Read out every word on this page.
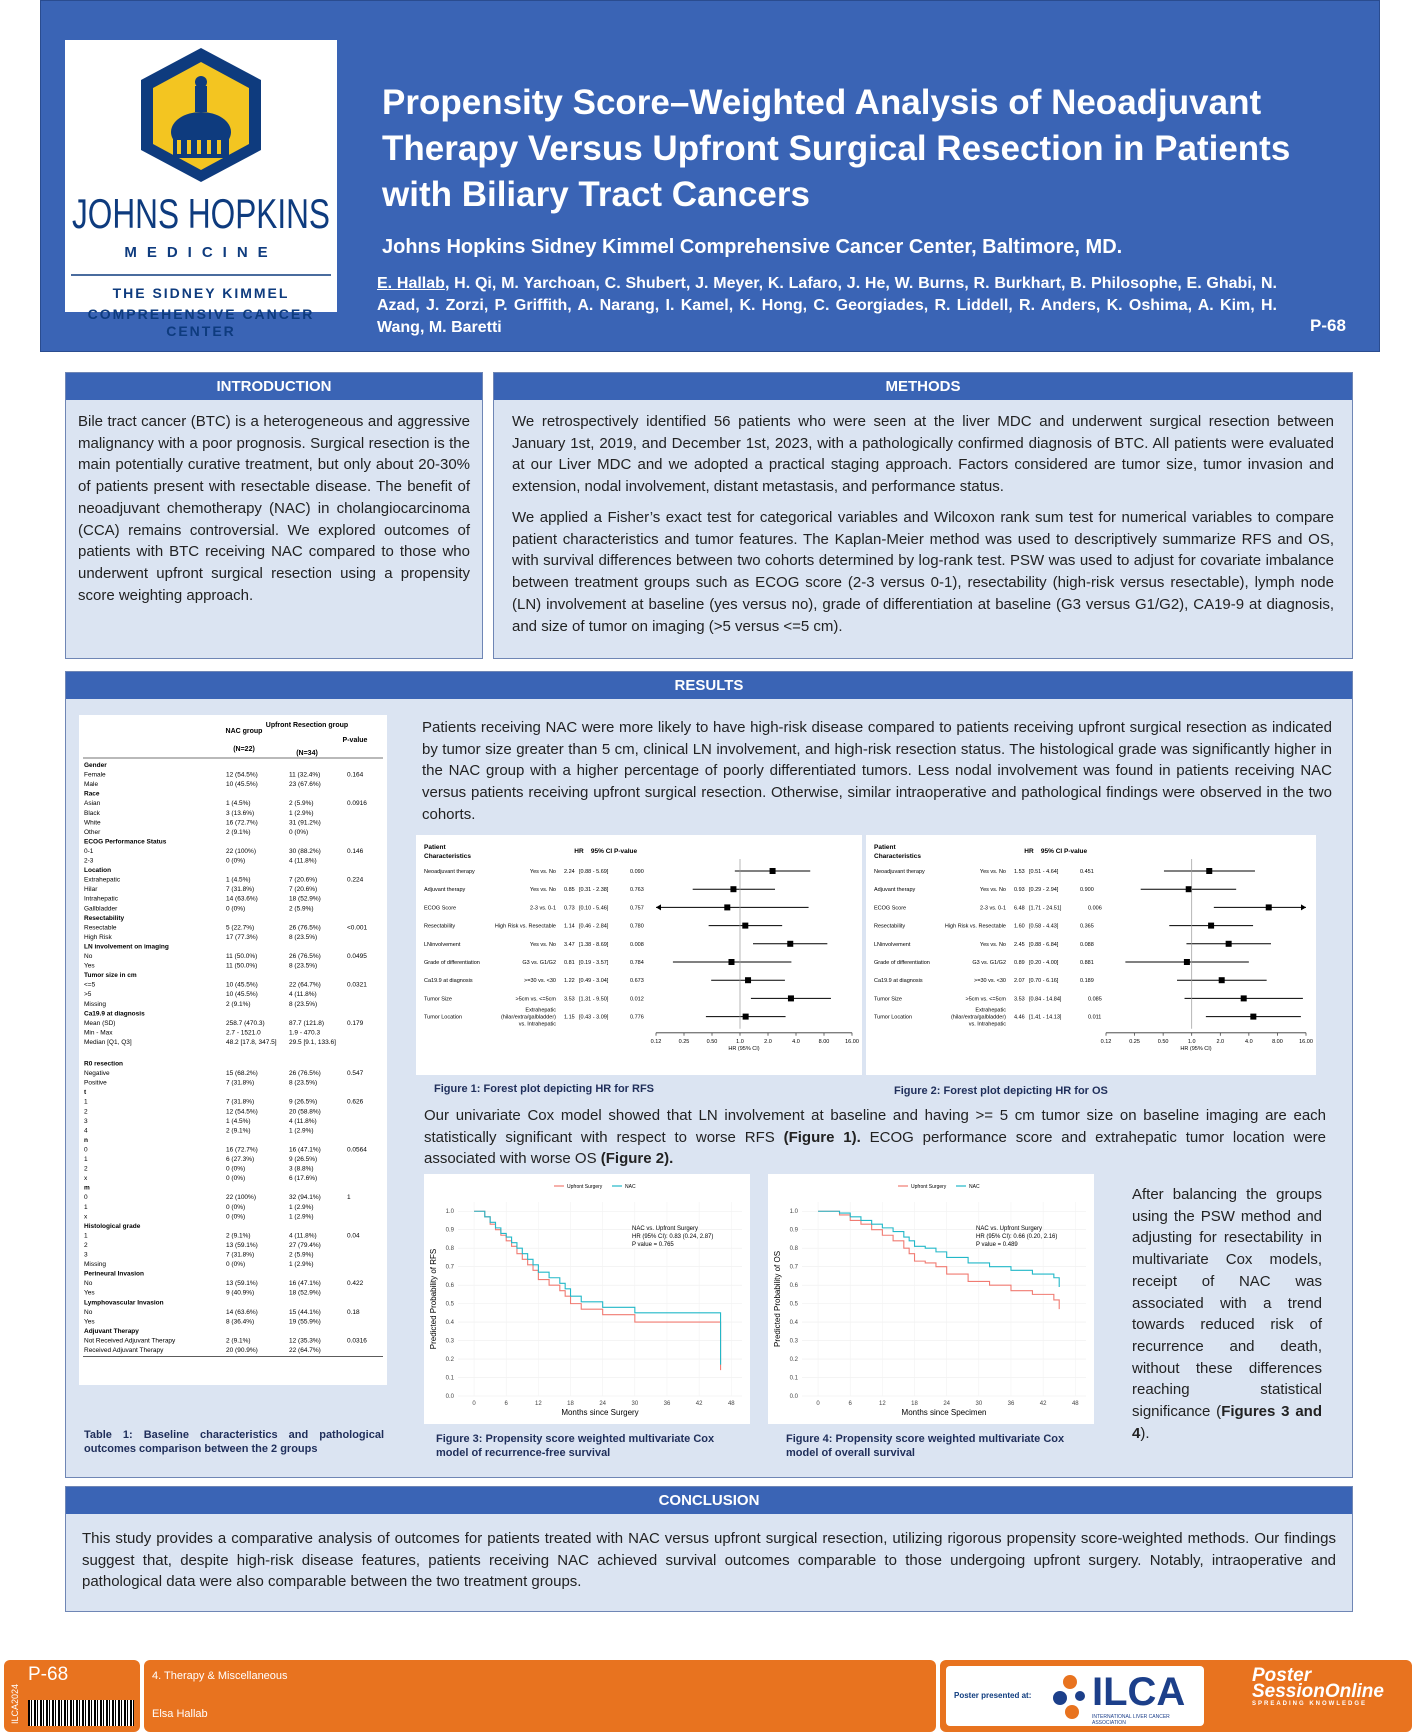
JOHNS HOPKINS
MEDICINE
THE SIDNEY KIMMEL
COMPREHENSIVE CANCER
CENTER
Propensity Score–Weighted Analysis of Neoadjuvant Therapy Versus Upfront Surgical Resection in Patients with Biliary Tract Cancers
Johns Hopkins Sidney Kimmel Comprehensive Cancer Center, Baltimore, MD.
E. Hallab, H. Qi, M. Yarchoan, C. Shubert, J. Meyer, K. Lafaro, J. He, W. Burns, R. Burkhart, B. Philosophe, E. Ghabi, N. Azad, J. Zorzi, P. Griffith, A. Narang, I. Kamel, K. Hong, C. Georgiades, R. Liddell, R. Anders, K. Oshima, A. Kim, H. Wang, M. Baretti	P-68
INTRODUCTION
Bile tract cancer (BTC) is a heterogeneous and aggressive malignancy with a poor prognosis. Surgical resection is the main potentially curative treatment, but only about 20-30% of patients present with resectable disease. The benefit of neoadjuvant chemotherapy (NAC) in cholangiocarcinoma (CCA) remains controversial. We explored outcomes of patients with BTC receiving NAC compared to those who underwent upfront surgical resection using a propensity score weighting approach.
METHODS
We retrospectively identified 56 patients who were seen at the liver MDC and underwent surgical resection between January 1st, 2019, and December 1st, 2023, with a pathologically confirmed diagnosis of BTC. All patients were evaluated at our Liver MDC and we adopted a practical staging approach. Factors considered are tumor size, tumor invasion and extension, nodal involvement, distant metastasis, and performance status.
We applied a Fisher’s exact test for categorical variables and Wilcoxon rank sum test for numerical variables to compare patient characteristics and tumor features. The Kaplan-Meier method was used to descriptively summarize RFS and OS, with survival differences between two cohorts determined by log-rank test. PSW was used to adjust for covariate imbalance between treatment groups such as ECOG score (2-3 versus 0-1), resectability (high-risk versus resectable), lymph node (LN) involvement at baseline (yes versus no), grade of differentiation at baseline (G3 versus G1/G2), CA19-9 at diagnosis, and size of tumor on imaging (>5 versus <=5 cm).
RESULTS
NAC group
Upfront Resection group
P-value
(N=22)
(N=34)
Gender
Female	12 (54.5%)	11 (32.4%)	0.164
Male	10 (45.5%)	23 (67.6%)
Race
Asian	1 (4.5%)	2 (5.9%)	0.0916
Black	3 (13.6%)	1 (2.9%)
White	16 (72.7%)	31 (91.2%)
Other	2 (9.1%)	0 (0%)
ECOG Performance Status
0-1	22 (100%)	30 (88.2%)	0.146
2-3	0 (0%)	4 (11.8%)
Location
Extrahepatic	1 (4.5%)	7 (20.6%)	0.224
Hilar	7 (31.8%)	7 (20.6%)
Intrahepatic	14 (63.6%)	18 (52.9%)
Gallbladder	0 (0%)	2 (5.9%)
Resectability
Resectable	5 (22.7%)	26 (76.5%)	<0.001
High Risk	17 (77.3%)	8 (23.5%)
LN involvement on imaging
No	11 (50.0%)	26 (76.5%)	0.0495
Yes	11 (50.0%)	8 (23.5%)
Tumor size in cm
<=5	10 (45.5%)	22 (64.7%)	0.0321
>5	10 (45.5%)	4 (11.8%)
Missing	2 (9.1%)	8 (23.5%)
Ca19.9 at diagnosis
Mean (SD)	258.7 (470.3)	87.7 (121.8)	0.179
Min - Max	2.7 - 1521.0	1.9 - 470.3
Median [Q1, Q3]	48.2 [17.8, 347.5] 29.5 [9.1, 133.6]
R0 resection
Negative	15 (68.2%)	26 (76.5%)	0.547
Positive	7 (31.8%)	8 (23.5%)
t
1	7 (31.8%)	9 (26.5%)	0.626
2	12 (54.5%)	20 (58.8%)
3	1 (4.5%)	4 (11.8%)
4	2 (9.1%)	1 (2.9%)
n
0	16 (72.7%)	16 (47.1%)	0.0564
1	6 (27.3%)	9 (26.5%)
2	0 (0%)	3 (8.8%)
x	0 (0%)	6 (17.6%)
m
0	22 (100%)	32 (94.1%)	1
1	0 (0%)	1 (2.9%)
x	0 (0%)	1 (2.9%)
Histological grade
1	2 (9.1%)	4 (11.8%)	0.04
2	13 (59.1%)	27 (79.4%)
3	7 (31.8%)	2 (5.9%)
Missing	0 (0%)	1 (2.9%)
Perineural Invasion
No	13 (59.1%)	16 (47.1%)	0.422
Yes	9 (40.9%)	18 (52.9%)
Lymphovascular Invasion
No	14 (63.6%)	15 (44.1%)	0.18
Yes	8 (36.4%)	19 (55.9%)
Adjuvant Therapy
Not Received Adjuvant Therapy	2 (9.1%)	12 (35.3%)	0.0316
Received Adjuvant Therapy	20 (90.9%)	22 (64.7%)
Table 1: Baseline characteristics and pathological outcomes comparison between the 2 groups
Patients receiving NAC were more likely to have high-risk disease compared to patients receiving upfront surgical resection as indicated by tumor size greater than 5 cm, clinical LN involvement, and high-risk resection status. The histological grade was significantly higher in the NAC group with a higher percentage of poorly differentiated tumors. Less nodal involvement was found in patients receiving NAC versus patients receiving upfront surgical resection. Otherwise, similar intraoperative and pathological findings were observed in the two cohorts.
Patient
Characteristics
HR 95% CI P-value
Neoadjuvant therapy	Yes vs. No 2.24 [0.88 - 5.69]	0.090
Adjuvant therapy	Yes vs. No 0.85 [0.31 - 2.38]	0.763
ECOG Score	2-3 vs. 0-1 0.73 [0.10 - 5.46]	0.757
Resectability	High Risk vs. Resectable 1.14 [0.46 - 2.84]	0.780
LNinvolvement	Yes vs. No 3.47 [1.38 - 8.69]	0.008
Grade of differentiation	G3 vs. G1/G2 0.81 [0.19 - 3.57]	0.784
Ca19.9 at diagnosis	>=30 vs. <30 1.22 [0.49 - 3.04]	0.673
Tumor Size	>5cm vs. <=5cm 3.53 [1.31 - 9.50]	0.012
Tumor Location
Extrahepatic
(hilar/extra/galbladder)
vs. Intrahepatic
1.15 [0.43 - 3.09]	0.776
0.12	0.25	0.50	1.0	2.0	4.0	8.00	16.00
HR (95% CI)
Figure 1: Forest plot depicting HR for RFS
Patient
Characteristics
HR 95% CI P-value
Neoadjuvant therapy	Yes vs. No 1.53 [0.51 - 4.64]	0.451
Adjuvant therapy	Yes vs. No 0.93 [0.29 - 2.94]	0.900
ECOG Score	2-3 vs. 0-1 6.48 [1.71 - 24.51]	0.006
Resectability	High Risk vs. Resectable 1.60 [0.58 - 4.43]	0.365
LNinvolvement	Yes vs. No 2.45 [0.88 - 6.84]	0.088
Grade of differentiation	G3 vs. G1/G2 0.89 [0.20 - 4.00]	0.881
Ca19.9 at diagnosis	>=30 vs. <30 2.07 [0.70 - 6.16]	0.189
Tumor Size	>5cm vs. <=5cm 3.53 [0.84 - 14.84]	0.085
Tumor Location
Extrahepatic
(hilar/extra/galbladder)
vs. Intrahepatic
4.46 [1.41 - 14.13]	0.011
0.12	0.25	0.50	1.0	2.0	4.0	8.00	16.00
HR (95% CI)
Figure 2: Forest plot depicting HR for OS
Our univariate Cox model showed that LN involvement at baseline and having >= 5 cm tumor size on baseline imaging are each statistically significant with respect to worse RFS (Figure 1). ECOG performance score and extrahepatic tumor location were associated with worse OS (Figure 2).
0.0
0.1
0.2
0.3
0.4
0.5
0.6
0.7
0.8
0.9
1.0
0	6	12	18	24	30	36	42	48
Months since Surgery
Predicted Probability of RFS
Upfront Surgery	NAC
NAC vs. Upfront Surgery
HR (95% CI): 0.83 (0.24, 2.87)
P value = 0.765
Figure 3: Propensity score weighted multivariate Cox model of recurrence-free survival
0.0
0.1
0.2
0.3
0.4
0.5
0.6
0.7
0.8
0.9
1.0
0	6	12	18	24	30	36	42	48
Months since Specimen
Predicted Probability of OS
Upfront Surgery	NAC
NAC vs. Upfront Surgery
HR (95% CI): 0.66 (0.20, 2.16)
P value = 0.489
Figure 4: Propensity score weighted multivariate Cox model of overall survival
After balancing the groups using the PSW method and adjusting for resectability in multivariate Cox models, receipt of NAC was associated with a trend towards reduced risk of recurrence and death, without these differences reaching statistical significance (Figures 3 and 4).
CONCLUSION
This study provides a comparative analysis of outcomes for patients treated with NAC versus upfront surgical resection, utilizing rigorous propensity score-weighted methods. Our findings suggest that, despite high-risk disease features, patients receiving NAC achieved survival outcomes comparable to those undergoing upfront surgery. Notably, intraoperative and pathological data were also comparable between the two treatment groups.
ILCA2024
P-68	4. Therapy & Miscellaneous
Elsa Hallab
Poster presented at: ILCA
INTERNATIONAL LIVER CANCER ASSOCIATION
Poster
SessionOnline
SPREADING KNOWLEDGE
